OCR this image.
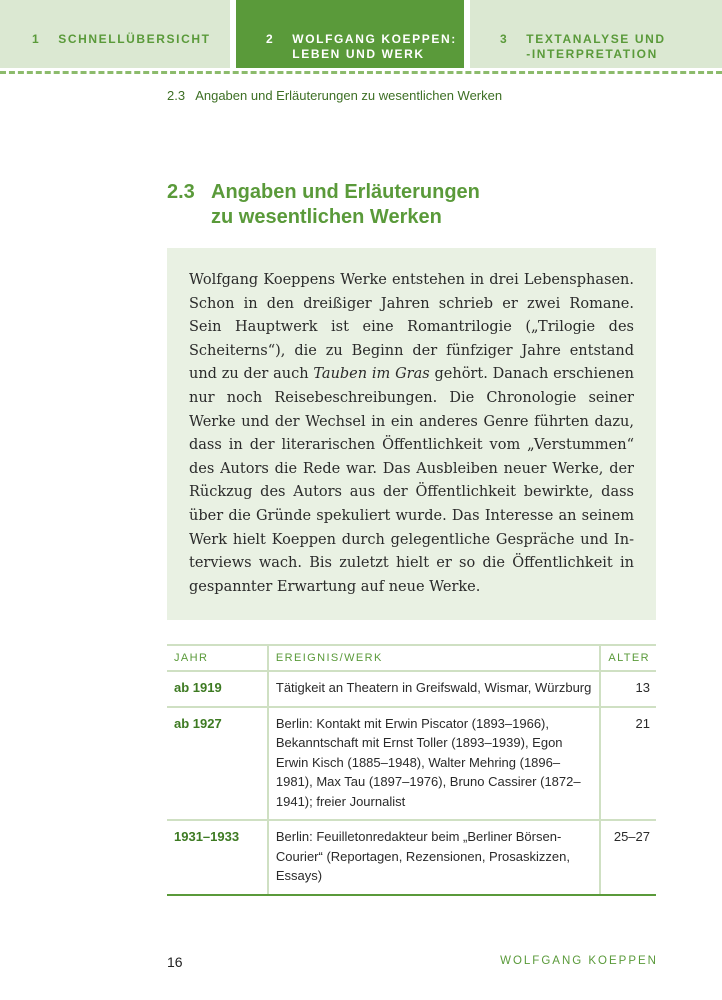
1 SCHNELLÜBERSICHT	2 WOLFGANG KOEPPEN:
LEBEN UND WERK
3 TEXTANALYSE UND
-INTERPRETATION
2.3   Angaben und Erläuterungen zu wesentlichen Werken
2.3 Angaben und Erläuterungen
zu wesentlichen Werken

Wolfgang Koeppens Werke entstehen in drei Lebensphasen. Schon in den dreißiger Jahren schrieb er zwei Romane. Sein Hauptwerk ist eine Romantrilogie („Trilogie des Scheiterns“), die zu Beginn der fünfziger Jahre entstand und zu der auch Tauben im Gras gehört. Danach erschienen nur noch Reisebeschreibungen. Die Chronologie seiner Werke und der Wechsel in ein anderes Genre führten dazu, dass in der literarischen Öffentlichkeit vom „Verstummen“ des Autors die Rede war. Das Ausbleiben neuer Werke, der Rückzug des Autors aus der Öffentlichkeit bewirkte, dass über die Gründe spekuliert wurde. Das Interesse an seinem Werk hielt Koeppen durch gelegentliche Gespräche und Interviews wach. Bis zuletzt hielt er so die Öffentlichkeit in gespannter Erwartung auf neue Werke.

JAHR	EREIGNIS/WERK	ALTER
ab 1919	Tätigkeit an Theatern in Greifswald, Wismar, Würzburg	13
ab 1927	Berlin: Kontakt mit Erwin Piscator (1893–1966), Bekanntschaft mit Ernst Toller (1893–1939), Egon Erwin Kisch (1885–1948), Walter Mehring (1896–1981), Max Tau (1897–1976), Bruno Cassirer (1872–1941); freier Journalist	21
1931–1933	Berlin: Feuilletonredakteur beim „Berliner Börsen-Courier“ (Reportagen, Rezensionen, Prosaskizzen, Essays)	25–27
16	WOLFGANG KOEPPEN
